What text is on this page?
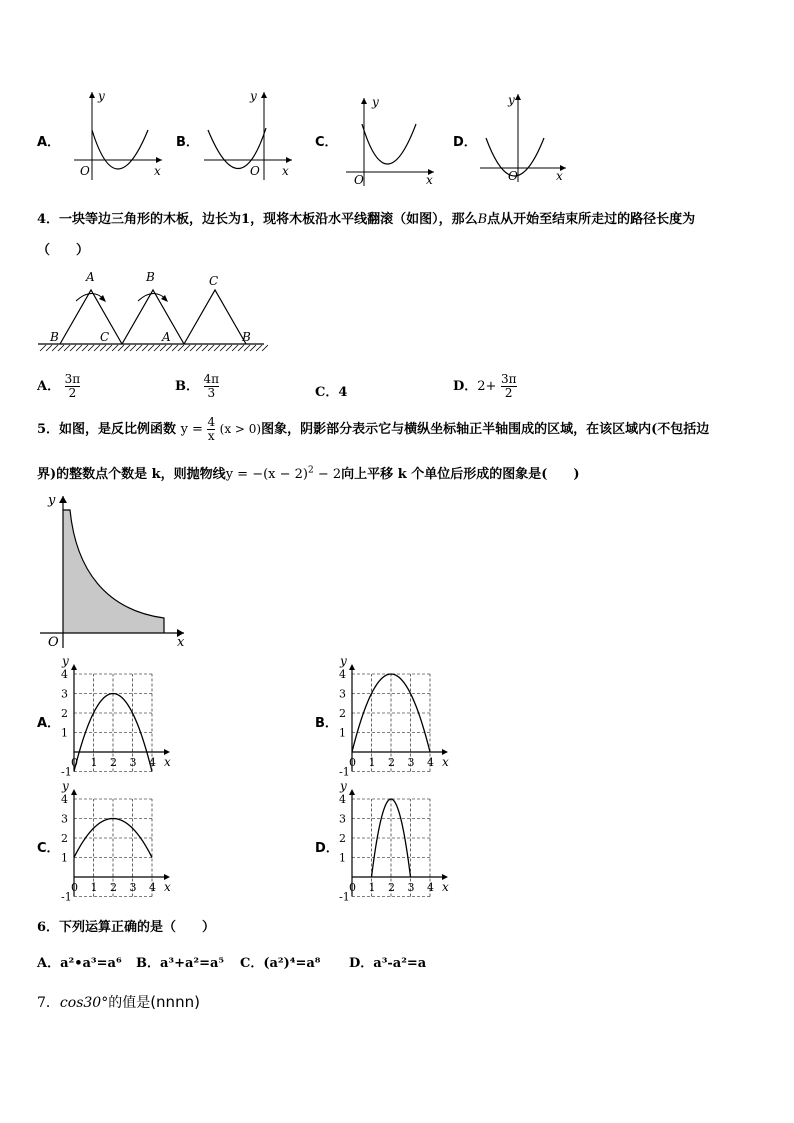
A．
y
O	x
B．
y
O x
C．
y
O	x
D．
y
O	x
4．一块等边三角形的木板，边长为1，现将木板沿水平线翻滚（如图），那么B点从开始至结束所走过的路径长度为
（　　）
A	B	C
B	C	A	B
A． $\frac{3\pi}{2}$	B． $\frac{4\pi}{3}$	C．4	D．$2+ \frac{3\pi}{2}$
5．如图，是反比例函数 $y = \frac{4}{x} (x > 0)$图象，阴影部分表示它与横纵坐标轴正半轴围成的区域，在该区域内(不包括边
界)的整数点个数是 k，则抛物线$y = -(x - 2)^2 - 2$向上平移 k 个单位后形成的图象是(　　)
y
O	x
A．
4
3
2
1
-1
0 1 2 3 4
y
x
B．
4
3
2
1
-1
0 1 2 3 4
y
x
C．
4
3
2
1
-1
0 1 2 3 4
y
x
D．
4
3
2
1
-1
0 1 2 3 4
y
x
6．下列运算正确的是（　　）
A．a²•a³=a⁶ B．a³+a²=a⁵ C．(a²)⁴=a⁸ D．a³-a²=a
7．cos30°的值是(nnnn)
